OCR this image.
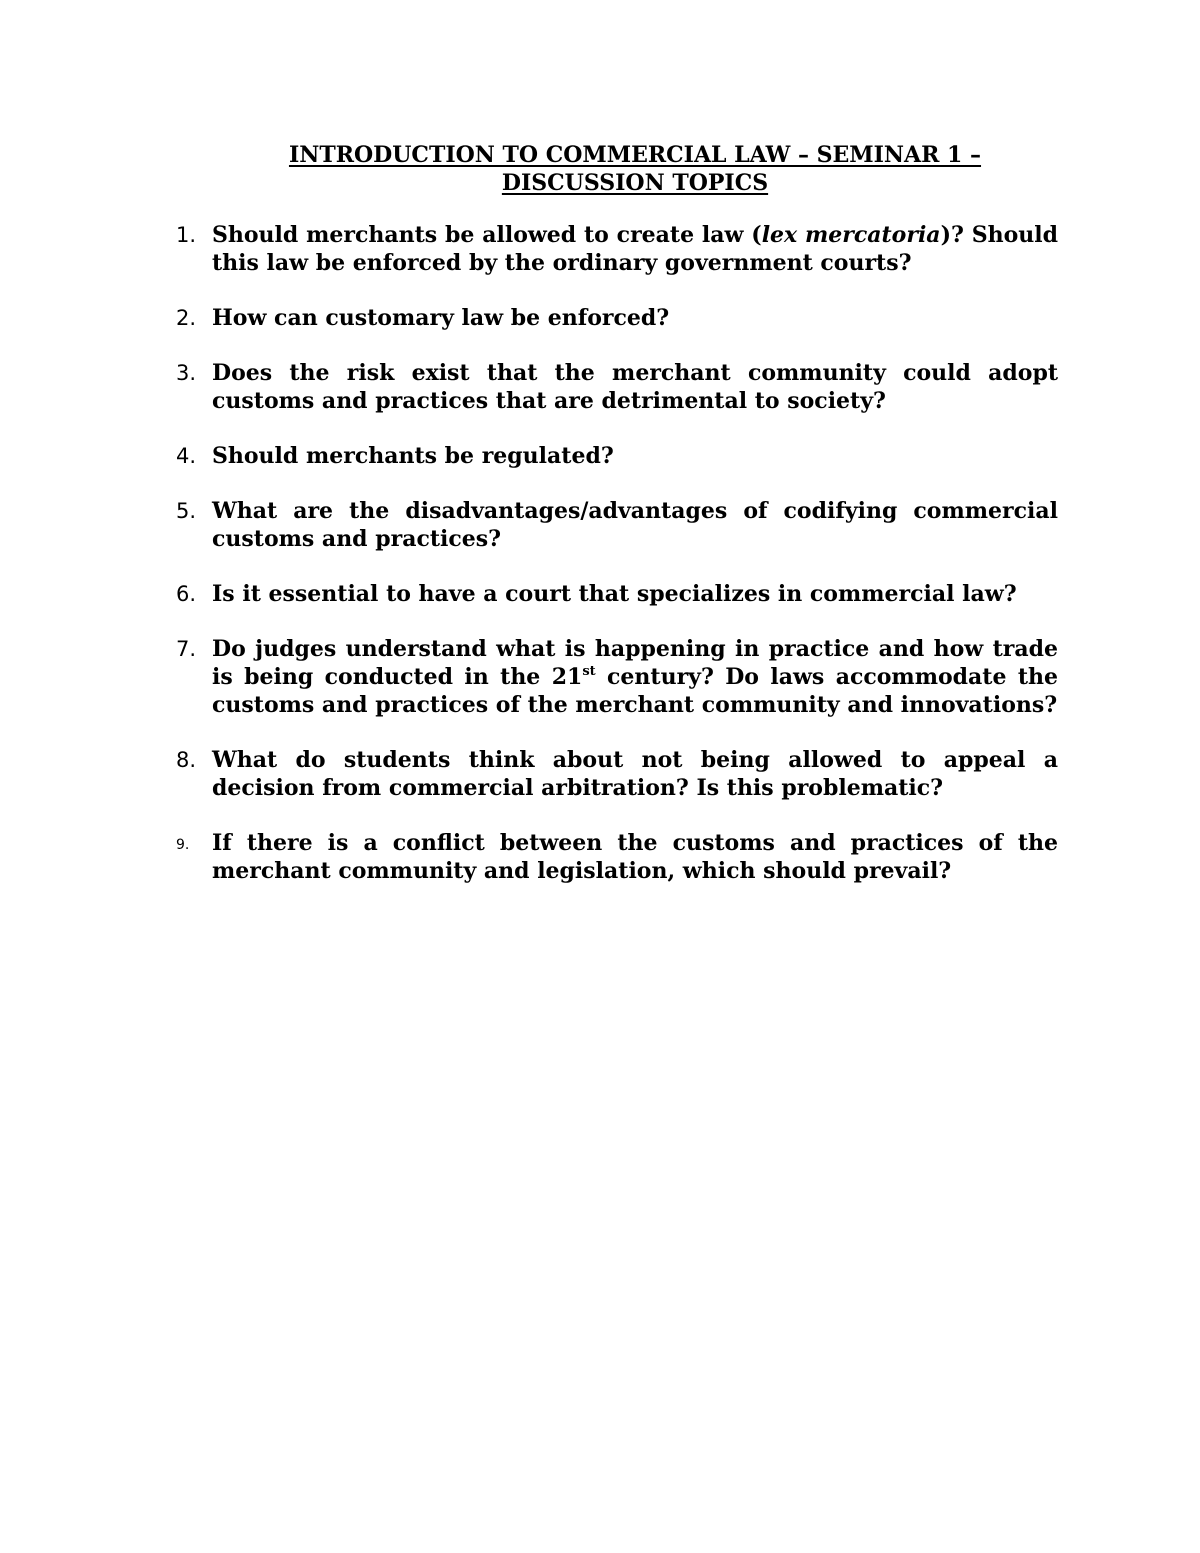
INTRODUCTION TO COMMERCIAL LAW – SEMINAR 1 –
DISCUSSION TOPICS
1. Should merchants be allowed to create law (lex mercatoria)? Should this law be enforced by the ordinary government courts?
2. How can customary law be enforced?
3. Does the risk exist that the merchant community could adopt customs and practices that are detrimental to society?
4. Should merchants be regulated?
5. What are the disadvantages/advantages of codifying commercial customs and practices?
6. Is it essential to have a court that specializes in commercial law?
7. Do judges understand what is happening in practice and how trade is being conducted in the 21st century? Do laws accommodate the customs and practices of the merchant community and innovations?
8. What do students think about not being allowed to appeal a decision from commercial arbitration? Is this problematic?
9. If there is a conflict between the customs and practices of the merchant community and legislation, which should prevail?
